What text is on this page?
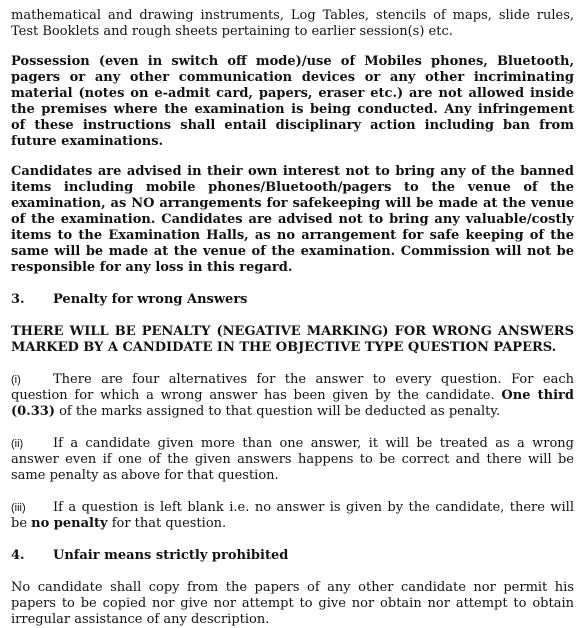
mathematical and drawing instruments, Log Tables, stencils of maps, slide rules, Test Booklets and rough sheets pertaining to earlier session(s) etc.

Possession (even in switch off mode)/use of Mobiles phones, Bluetooth, pagers or any other communication devices or any other incriminating material (notes on e-admit card, papers, eraser etc.) are not allowed inside the premises where the examination is being conducted. Any infringement of these instructions shall entail disciplinary action including ban from future examinations.

Candidates are advised in their own interest not to bring any of the banned items including mobile phones/Bluetooth/pagers to the venue of the examination, as NO arrangements for safekeeping will be made at the venue of the examination. Candidates are advised not to bring any valuable/costly items to the Examination Halls, as no arrangement for safe keeping of the same will be made at the venue of the examination. Commission will not be responsible for any loss in this regard.

3. Penalty for wrong Answers

THERE WILL BE PENALTY (NEGATIVE MARKING) FOR WRONG ANSWERS MARKED BY A CANDIDATE IN THE OBJECTIVE TYPE QUESTION PAPERS.

(i) There are four alternatives for the answer to every question. For each question for which a wrong answer has been given by the candidate. One third (0.33) of the marks assigned to that question will be deducted as penalty.

(ii) If a candidate given more than one answer, it will be treated as a wrong answer even if one of the given answers happens to be correct and there will be same penalty as above for that question.

(iii) If a question is left blank i.e. no answer is given by the candidate, there will be no penalty for that question.

4. Unfair means strictly prohibited

No candidate shall copy from the papers of any other candidate nor permit his papers to be copied nor give nor attempt to give nor obtain nor attempt to obtain irregular assistance of any description.
